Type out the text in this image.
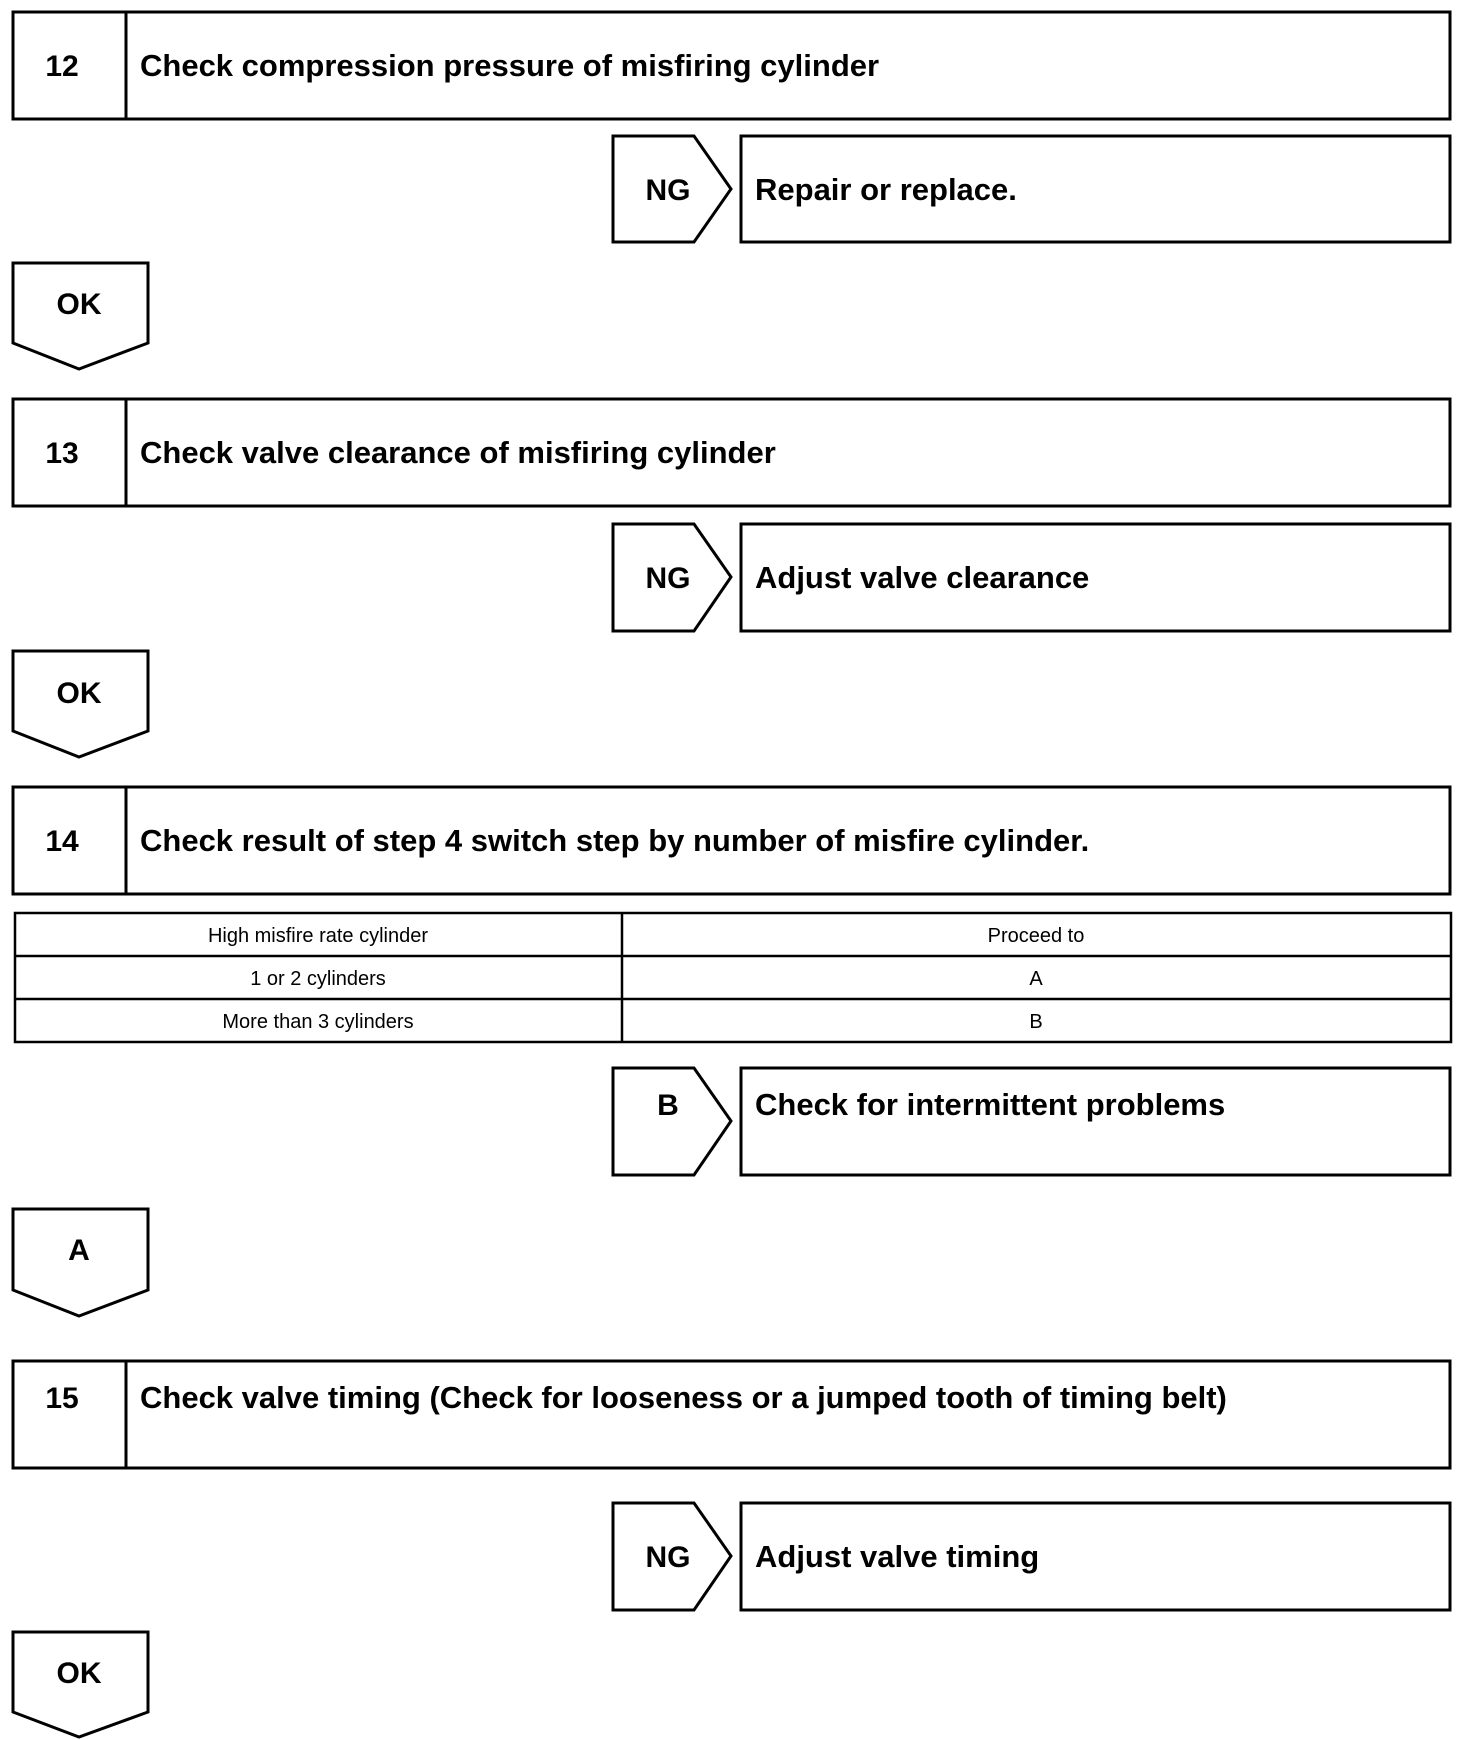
12 Check compression pressure of misfiring cylinder
NG Repair or replace.
OK
13 Check valve clearance of misfiring cylinder
NG Adjust valve clearance
OK
14 Check result of step 4 switch step by number of misfire cylinder.
High misfire rate cylinder	Proceed to
1 or 2 cylinders	A
More than 3 cylinders	B
B Check for intermittent problems
A
15 Check valve timing (Check for looseness or a jumped tooth of timing belt)
NG Adjust valve timing
OK
